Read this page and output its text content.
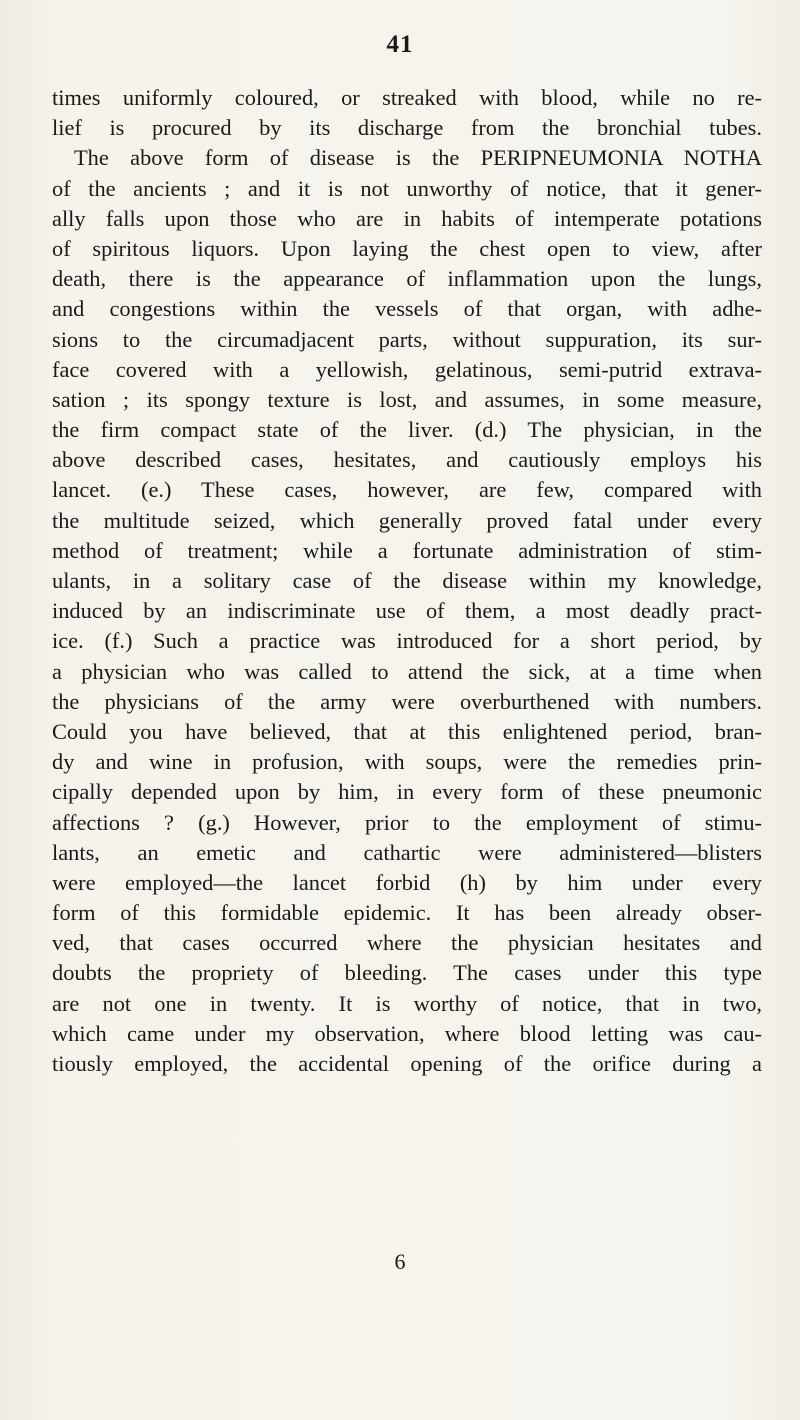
41
times uniformly coloured, or streaked with blood, while no re-
lief is procured by its discharge from the bronchial tubes.
The above form of disease is the PERIPNEUMONIA NOTHA
of the ancients ; and it is not unworthy of notice, that it gener-
ally falls upon those who are in habits of intemperate potations
of spiritous liquors. Upon laying the chest open to view, after
death, there is the appearance of inflammation upon the lungs,
and congestions within the vessels of that organ, with adhe-
sions to the circumadjacent parts, without suppuration, its sur-
face covered with a yellowish, gelatinous, semi-putrid extrava-
sation ; its spongy texture is lost, and assumes, in some measure,
the firm compact state of the liver. (d.) The physician, in the
above described cases, hesitates, and cautiously employs his
lancet. (e.) These cases, however, are few, compared with
the multitude seized, which generally proved fatal under every
method of treatment; while a fortunate administration of stim-
ulants, in a solitary case of the disease within my knowledge,
induced by an indiscriminate use of them, a most deadly pract-
ice. (f.) Such a practice was introduced for a short period, by
a physician who was called to attend the sick, at a time when
the physicians of the army were overburthened with numbers.
Could you have believed, that at this enlightened period, bran-
dy and wine in profusion, with soups, were the remedies prin-
cipally depended upon by him, in every form of these pneumonic
affections ? (g.) However, prior to the employment of stimu-
lants, an emetic and cathartic were administered—blisters
were employed—the lancet forbid (h) by him under every
form of this formidable epidemic. It has been already obser-
ved, that cases occurred where the physician hesitates and
doubts the propriety of bleeding. The cases under this type
are not one in twenty. It is worthy of notice, that in two,
which came under my observation, where blood letting was cau-
tiously employed, the accidental opening of the orifice during a
6
